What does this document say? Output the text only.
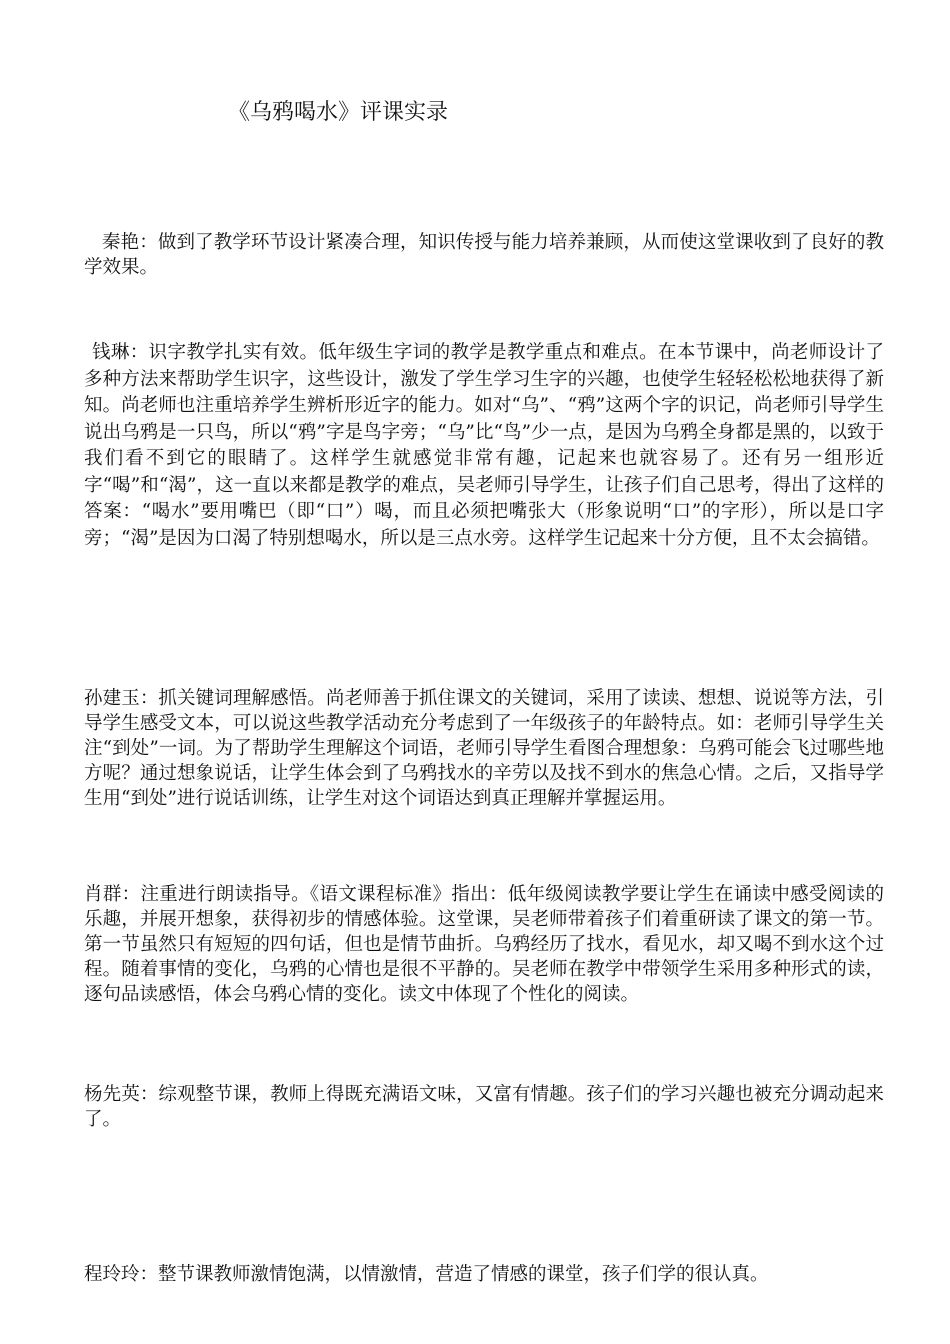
《乌鸦喝水》评课实录

秦艳：做到了教学环节设计紧凑合理，知识传授与能力培养兼顾，从而使这堂课收到了良好的教学效果。

钱琳：识字教学扎实有效。低年级生字词的教学是教学重点和难点。在本节课中，尚老师设计了多种方法来帮助学生识字，这些设计，激发了学生学习生字的兴趣，也使学生轻轻松松地获得了新知。尚老师也注重培养学生辨析形近字的能力。如对“乌”、“鸦”这两个字的识记，尚老师引导学生说出乌鸦是一只鸟，所以“鸦”字是鸟字旁；“乌”比“鸟”少一点，是因为乌鸦全身都是黑的，以致于我们看不到它的眼睛了。这样学生就感觉非常有趣，记起来也就容易了。还有另一组形近字“喝”和“渴”，这一直以来都是教学的难点，吴老师引导学生，让孩子们自己思考，得出了这样的答案：“喝水”要用嘴巴（即“口”）喝，而且必须把嘴张大（形象说明“口”的字形），所以是口字旁；“渴”是因为口渴了特别想喝水，所以是三点水旁。这样学生记起来十分方便，且不太会搞错。

孙建玉：抓关键词理解感悟。尚老师善于抓住课文的关键词，采用了读读、想想、说说等方法，引导学生感受文本，可以说这些教学活动充分考虑到了一年级孩子的年龄特点。如：老师引导学生关注“到处”一词。为了帮助学生理解这个词语，老师引导学生看图合理想象：乌鸦可能会飞过哪些地方呢？通过想象说话，让学生体会到了乌鸦找水的辛劳以及找不到水的焦急心情。之后，又指导学生用“到处”进行说话训练，让学生对这个词语达到真正理解并掌握运用。

肖群：注重进行朗读指导。《语文课程标准》指出：低年级阅读教学要让学生在诵读中感受阅读的乐趣，并展开想象，获得初步的情感体验。这堂课，吴老师带着孩子们着重研读了课文的第一节。第一节虽然只有短短的四句话，但也是情节曲折。乌鸦经历了找水，看见水，却又喝不到水这个过程。随着事情的变化，乌鸦的心情也是很不平静的。吴老师在教学中带领学生采用多种形式的读，逐句品读感悟，体会乌鸦心情的变化。读文中体现了个性化的阅读。

杨先英：综观整节课，教师上得既充满语文味，又富有情趣。孩子们的学习兴趣也被充分调动起来了。

程玲玲：整节课教师激情饱满，以情激情，营造了情感的课堂，孩子们学的很认真。
